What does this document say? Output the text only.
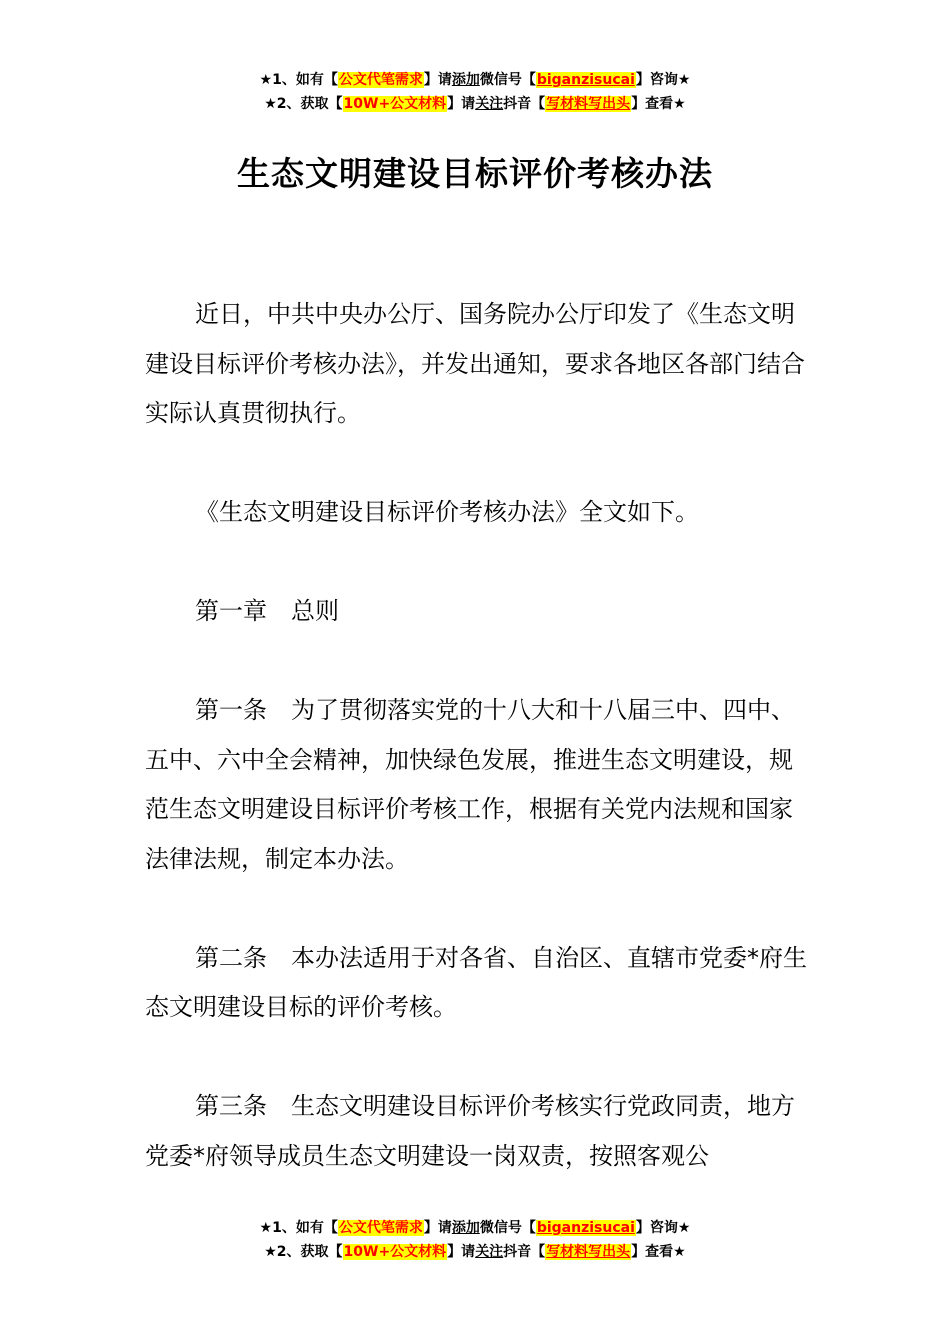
★1、如有【公文代笔需求】请添加微信号【biganzisucai】咨询★
★2、获取【10W+公文材料】请关注抖音【写材料写出头】查看★
生态文明建设目标评价考核办法

近日，中共中央办公厅、国务院办公厅印发了《生态文明建设目标评价考核办法》，并发出通知，要求各地区各部门结合实际认真贯彻执行。

《生态文明建设目标评价考核办法》全文如下。

第一章　总则

第一条　为了贯彻落实党的十八大和十八届三中、四中、五中、六中全会精神，加快绿色发展，推进生态文明建设，规范生态文明建设目标评价考核工作，根据有关党内法规和国家法律法规，制定本办法。

第二条　本办法适用于对各省、自治区、直辖市党委*府生态文明建设目标的评价考核。

第三条　生态文明建设目标评价考核实行党政同责，地方党委*府领导成员生态文明建设一岗双责，按照客观公

★1、如有【公文代笔需求】请添加微信号【biganzisucai】咨询★
★2、获取【10W+公文材料】请关注抖音【写材料写出头】查看★
